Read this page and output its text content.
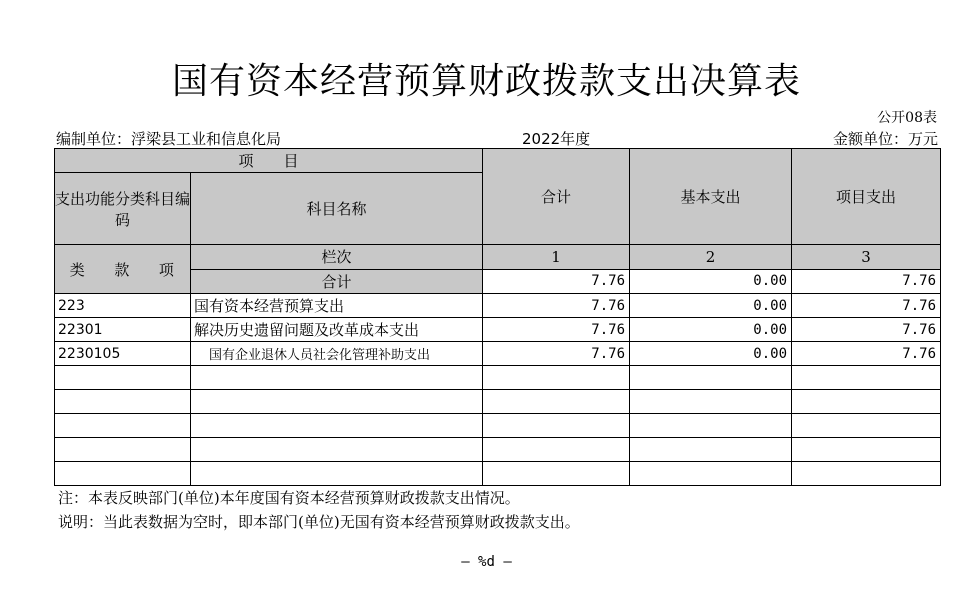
国有资本经营预算财政拨款支出决算表
公开08表
编制单位：浮梁县工业和信息化局	2022年度	金额单位：万元
项　　目		合计	基本支出	项目支出
支出功能分类科目编码	科目名称			

类 款 项	栏次	1	2	3
	合计	7.76	0.00	7.76
223	国有资本经营预算支出	7.76	0.00	7.76
22301	解决历史遗留问题及改革成本支出	7.76	0.00	7.76
2230105	国有企业退休人员社会化管理补助支出	7.76	0.00	7.76

注：本表反映部门(单位)本年度国有资本经营预算财政拨款支出情况。
说明：当此表数据为空时，即本部门(单位)无国有资本经营预算财政拨款支出。
— %d —
